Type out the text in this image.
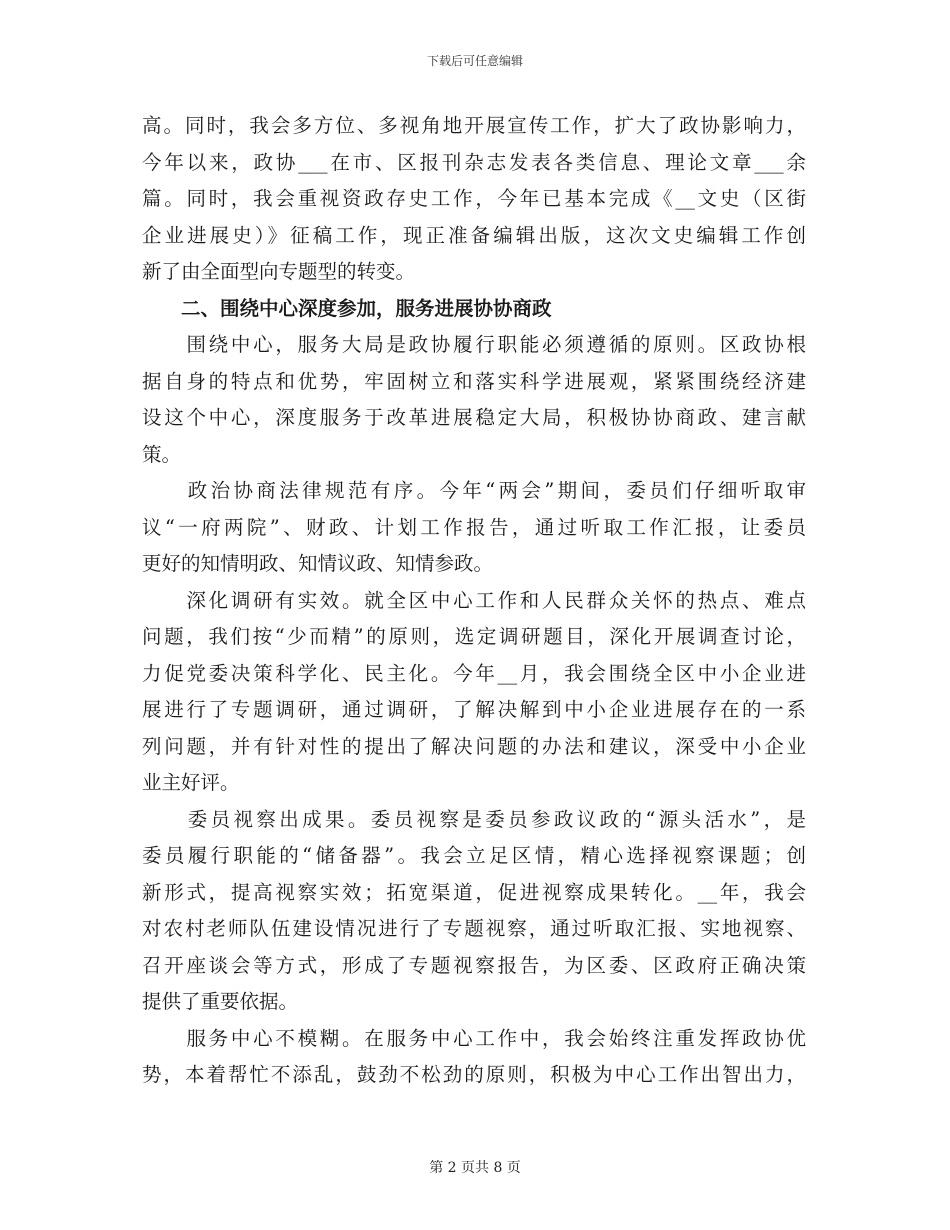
下载后可任意编辑
高。同时，我会多方位、多视角地开展宣传工作，扩大了政协影响力，
今年以来，政协___在市、区报刊杂志发表各类信息、理论文章___余
篇。同时，我会重视资政存史工作，今年已基本完成《__文史（区街
企业进展史）》征稿工作，现正准备编辑出版，这次文史编辑工作创
新了由全面型向专题型的转变。
　　二、围绕中心深度参加，服务进展协协商政
　　围绕中心，服务大局是政协履行职能必须遵循的原则。区政协根
据自身的特点和优势，牢固树立和落实科学进展观，紧紧围绕经济建
设这个中心，深度服务于改革进展稳定大局，积极协协商政、建言献
策。
　　政治协商法律规范有序。今年“两会”期间，委员们仔细听取审
议“一府两院”、财政、计划工作报告，通过听取工作汇报，让委员
更好的知情明政、知情议政、知情参政。
　　深化调研有实效。就全区中心工作和人民群众关怀的热点、难点
问题，我们按“少而精”的原则，选定调研题目，深化开展调查讨论，
力促党委决策科学化、民主化。今年__月，我会围绕全区中小企业进
展进行了专题调研，通过调研，了解决解到中小企业进展存在的一系
列问题，并有针对性的提出了解决问题的办法和建议，深受中小企业
业主好评。
　　委员视察出成果。委员视察是委员参政议政的“源头活水”，是
委员履行职能的“储备器”。我会立足区情，精心选择视察课题；创
新形式，提高视察实效；拓宽渠道，促进视察成果转化。__年，我会
对农村老师队伍建设情况进行了专题视察，通过听取汇报、实地视察、
召开座谈会等方式，形成了专题视察报告，为区委、区政府正确决策
提供了重要依据。
　　服务中心不模糊。在服务中心工作中，我会始终注重发挥政协优
势，本着帮忙不添乱，鼓劲不松劲的原则，积极为中心工作出智出力，
第 2 页共 8 页
